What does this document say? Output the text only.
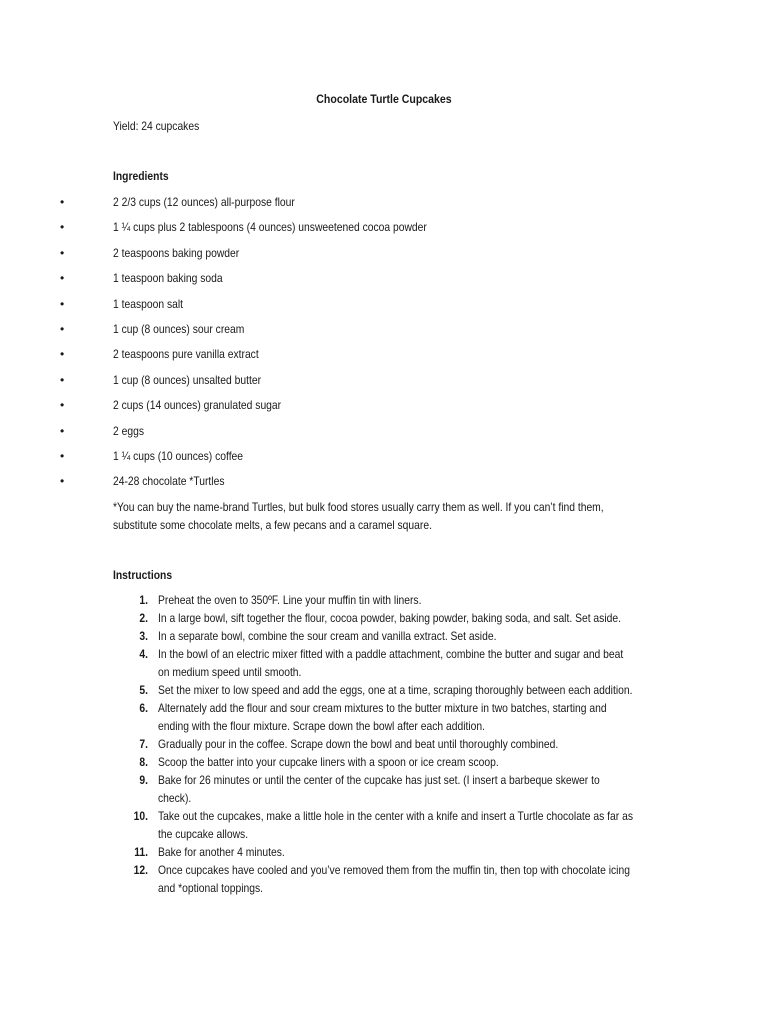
Chocolate Turtle Cupcakes
Yield: 24 cupcakes
Ingredients
•	2 2/3 cups (12 ounces) all-purpose flour
•	1 ¼ cups plus 2 tablespoons (4 ounces) unsweetened cocoa powder
•	2 teaspoons baking powder
•	1 teaspoon baking soda
•	1 teaspoon salt
•	1 cup (8 ounces) sour cream
•	2 teaspoons pure vanilla extract
•	1 cup (8 ounces) unsalted butter
•	2 cups (14 ounces) granulated sugar
•	2 eggs
•	1 ¼ cups (10 ounces) coffee
•	24-28 chocolate *Turtles

*You can buy the name-brand Turtles, but bulk food stores usually carry them as well. If you can’t find them,

substitute some chocolate melts, a few pecans and a caramel square.

Instructions
1. Preheat the oven to 350ºF. Line your muffin tin with liners.
2. In a large bowl, sift together the flour, cocoa powder, baking powder, baking soda, and salt. Set aside.
3. In a separate bowl, combine the sour cream and vanilla extract. Set aside.
4. In the bowl of an electric mixer fitted with a paddle attachment, combine the butter and sugar and beat
on medium speed until smooth.
5. Set the mixer to low speed and add the eggs, one at a time, scraping thoroughly between each addition.
6. Alternately add the flour and sour cream mixtures to the butter mixture in two batches, starting and
ending with the flour mixture. Scrape down the bowl after each addition.
7. Gradually pour in the coffee. Scrape down the bowl and beat until thoroughly combined.
8. Scoop the batter into your cupcake liners with a spoon or ice cream scoop.
9. Bake for 26 minutes or until the center of the cupcake has just set. (I insert a barbeque skewer to
check).
10. Take out the cupcakes, make a little hole in the center with a knife and insert a Turtle chocolate as far as
the cupcake allows.
11. Bake for another 4 minutes.
12. Once cupcakes have cooled and you’ve removed them from the muffin tin, then top with chocolate icing
and *optional toppings.
